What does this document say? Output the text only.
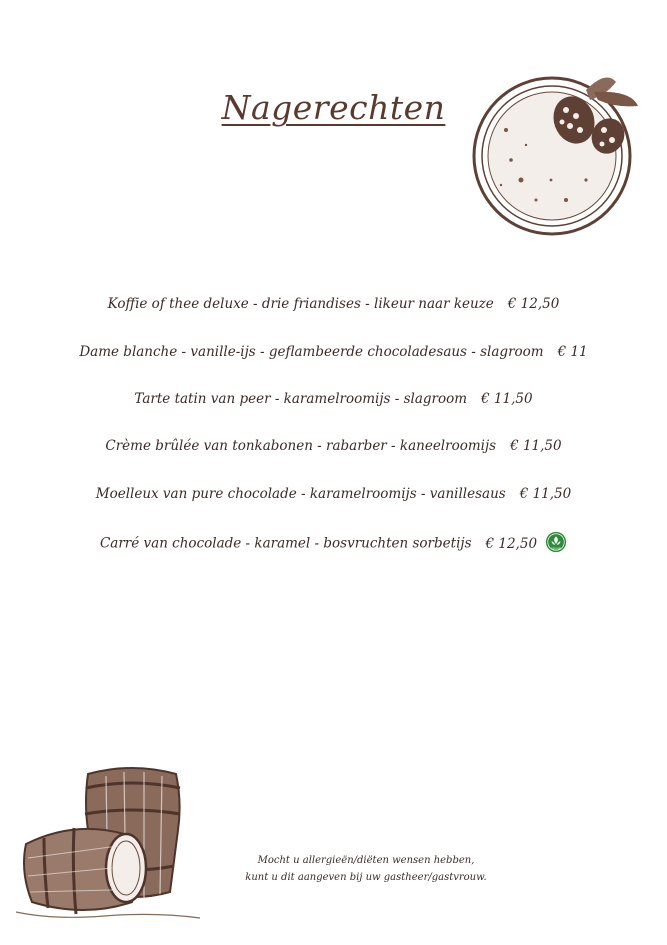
Nagerechten
Koffie of thee deluxe - drie friandises - likeur naar keuze € 12,50
Dame blanche - vanille-ijs - geflambeerde chocoladesaus - slagroom € 11
Tarte tatin van peer - karamelroomijs - slagroom € 11,50
Crème brûlée van tonkabonen - rabarber - kaneelroomijs € 11,50
Moelleux van pure chocolade - karamelroomijs - vanillesaus € 11,50
Carré van chocolade - karamel - bosvruchten sorbetijs € 12,50	VEGAN
Mocht u allergieën/diëten wensen hebben,
kunt u dit aangeven bij uw gastheer/gastvrouw.
